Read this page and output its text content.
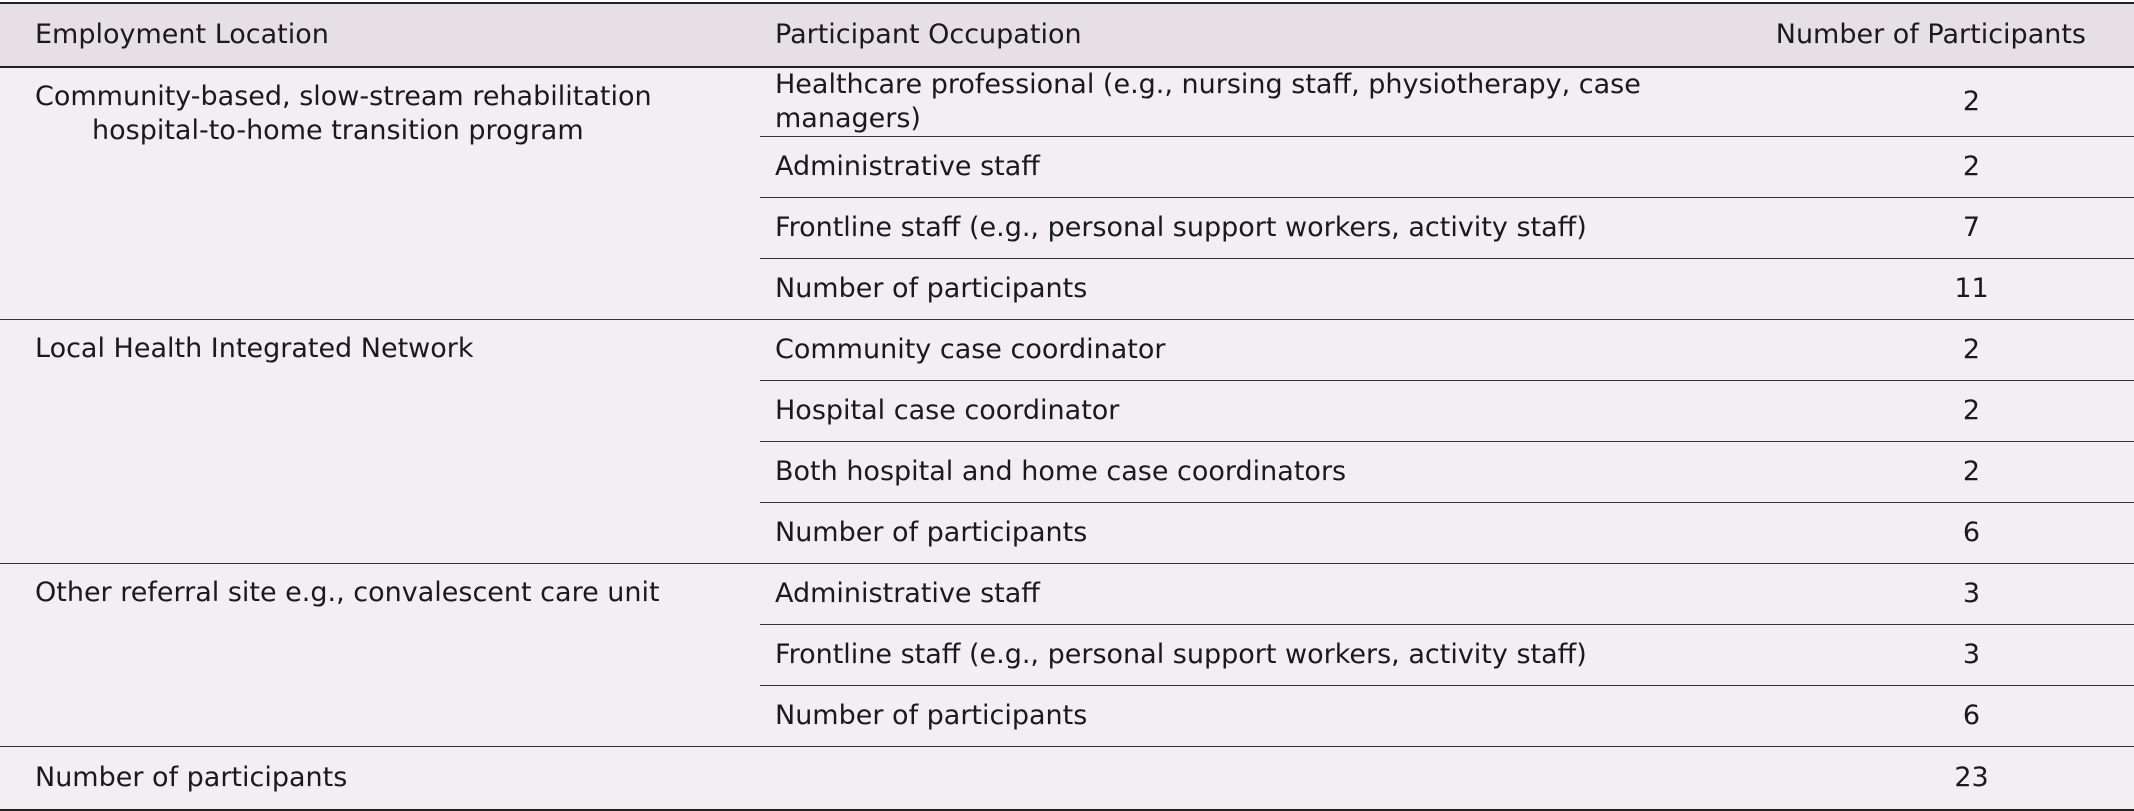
Employment Location	Participant Occupation	Number of Participants

Community-based, slow-stream rehabilitation hospital-to-home transition program	Healthcare professional (e.g., nursing staff, physiotherapy, case managers)	2
	Administrative staff	2
	Frontline staff (e.g., personal support workers, activity staff)	7
	Number of participants	11

Local Health Integrated Network	Community case coordinator	2
	Hospital case coordinator	2
	Both hospital and home case coordinators	2
	Number of participants	6

Other referral site e.g., convalescent care unit	Administrative staff	3
	Frontline staff (e.g., personal support workers, activity staff)	3
	Number of participants	6
Number of participants		23
